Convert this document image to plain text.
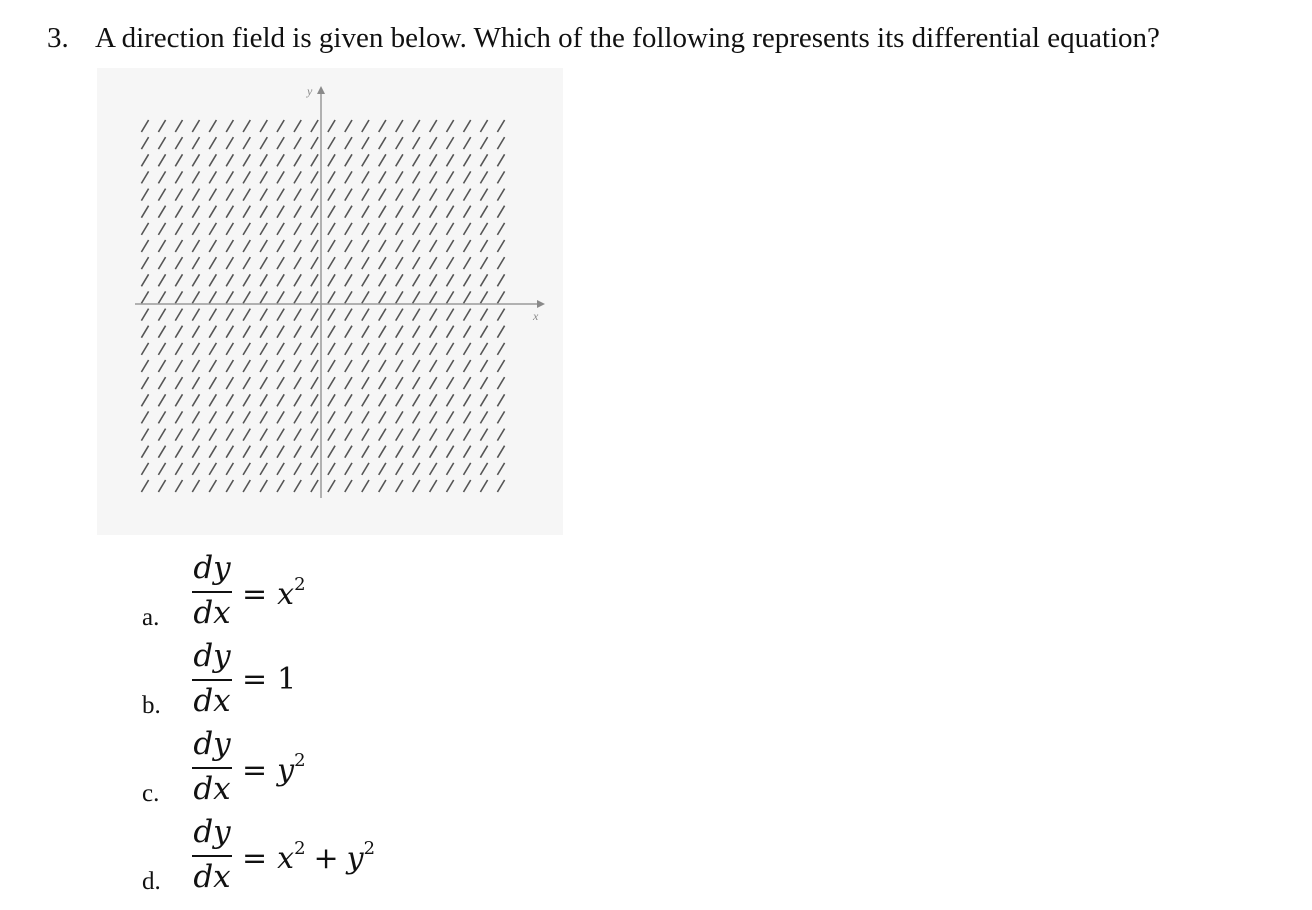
3. A direction field is given below. Which of the following represents its differential equation?
y
x
a.
dy
dx
= $x^2$
b.
dy
dx
= 1
c.
dy
dx
= $y^2$
d.
dy
dx
= $x^2 + y^2$
